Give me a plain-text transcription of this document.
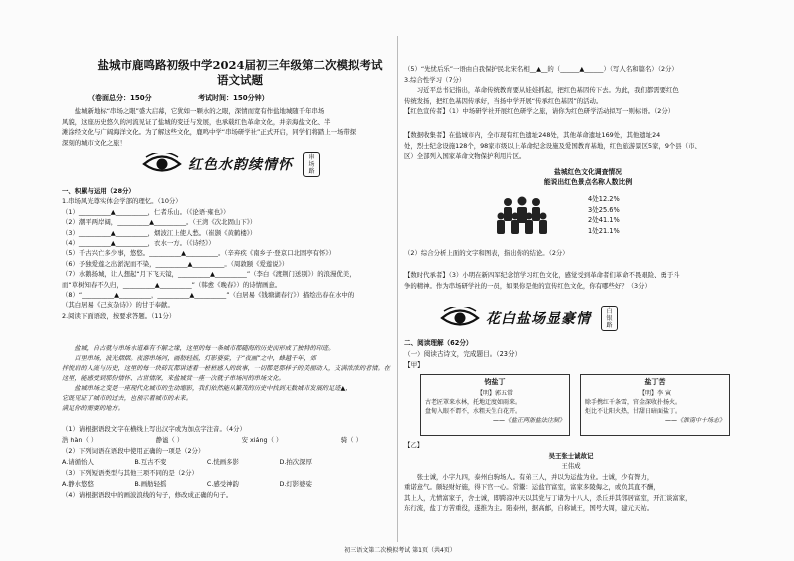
盐城市鹿鸣路初级中学2024届初三年级第二次模拟考试
语文试题
（卷面总分：150分	考试时间：150分钟）

盐城新地标“串场之眼”盛大启幕，它犹如一颗水的之眼，深情而宽有作盐地城随千年串场

风貌，这座历史悠久的河流见证了盐城的变迁与发展，也承载红色革命文化，并亲海盐文化、半

滩涂经文化与广阔海洋文化。为了解这些文化，鹿鸣中学“串场研学社”正式开启，同学们将踏上一场带探

深刻的城市文化之旅！

红色水韵续情怀	串场路

一、积累与运用（28分）

1.串场风光尊实体会学部的理忆。（10分）

（1）__________▲__________，仁者乐山。（《论语·雍也》）

（2）潮平两岸阔，__________▲__________。（王湾《次北固山下》）

（3）__________▲__________，烟波江上使人愁。（崔颢《黄鹤楼》）

（4）__________▲__________，衣水一方。（《诗经》）

（5）千古兴亡多少事，悠悠。__________▲__________。（辛弃疾《南乡子·登京口北固亭有怀》）

（6）予独爱莲之出淤泥而不染，__________▲__________。（周敦颐《爱莲说》）

（7）水鹅扬城，让人想起“月下飞天镜，__________▲__________”（李白《渡荆门送别》）的浪漫优美，

而“草树知春不久归，__________▲__________”（韩愈《晚春》）的诗情画意。

（8）“__________▲__________，__________▲__________”（白居易《钱塘湖春行》）描绘出春在水中的

（其白居易《己亥杂诗》）的甘于奉献。

2.阅读下面语段，按要求答题。（11分）

盐城，自古就与串场水道难有不解之缘，这里的每一条城市都随海的历史而形成了独特的印迹。

百里串场，波光熠熠。夜游串场河，画舫轻摇，灯影婆娑，于“夜画”之中，蜂越千年，郊

拌悦肩的人流与历史，这里的每一块砖瓦都讲述着一桩桩感人的故事，一切都是那样子的美丽动人，支满浓浓的者情。在

这里，能感受到那份情怀、古世情深，来盐城赏一座一次就子串场河的串场文化。

盐城串场之变是一座现代化城市的生动缩影，我们依然能从繁茂的历史中找到无数城市发展的足迹▲，

它既见证了城市的过去，也预示着城市的未来。

满足你的需要的地方。

（1）请根据语段文字在横线上写出汉字或为加点字注音。（4分）

浩 hàn（ ）	静谧（ ）	安 xiáng（ ）	骑（ ）

（2）下列词语在语段中使用正确的一项是（2分）

A.请循怡人	B.互古不变	C.恍画多影	D.拍次深厚

（3）下列短语类型与其他三项不同的是（2分）

A.静水悠悠	B.画舫轻摇	C.感受神韵	D.灯影婆娑

（4）请根据语段中的画波浪线的句子，修改成正确的句子。

（5）“先忧后乐”一语由自我保护民北宋名相__▲__的（______▲______）（写人名和篇名）（2分）

3.综合性学习（7分）

习近平总书记指出，革命传统教育要从娃娃抓起，把红色基因传下去。为此，我们都需要红色

传统发扬，把红色基因传承好，当扬中学开展“传承红色基因”的活动。

【红色宣传者】（1）中场研学社开展红色研学之旅，请你为红色研学活动拟写一则标语。（2分）

【数据收集者】在盐城市内，全市现有红色遗址248处，其他革命遗址169处，其他遗址24

处，烈士纪念设施128个，98家市级以上革命纪念设施及爱国教育基地，红色旅游景区5家，9个县（市、

区）全部列入国家革命文物保护利用片区。

盐城红色文化调查情况
能说出红色景点名称人数比例
4处12.2%
3处25.6%
2处41.1%
1处21.1%

（2）综合分析上面的文字和图表，指出你的结论。（2分）

【数时代承者】（3）小明在新四军纪念馆学习红色文化，感觉受到革命者们革命不畏艰险、勇于斗

争的精神。作为串场研学社的一员，如果你是他的宣传红色文化，你有哪些好？（3分）

花白盐场显豪情	白银路

二、阅读理解（62分）

（一）阅读古诗文，完成题目。（23分）

【甲】

钧盐丁
【明】郭五常
古老匠罩来水林，托地迂度如雨来。
盘甸入眼不谓不，水粗天生白花开。
——《盐正两浙盐法注制》
盐丁苦
【明】李 寅
賖手携红千条雪，官金深收扑扬火。
炬比不让阳火热，甘甜日暗面盐丁。
——《淮南中十场志》

【乙】

吴王张士诚故记

王伟成

张士诚，小字九四，泰州白驹场人。有弟三人，并以为运盐为业。士诚，少有膂力，

重诺意气。颇轻财好施，得下官一心。常鬻：运盐官富室，富家多陵侮之，或负其直不酬，

其上人，尤愤富家子，舍士诚，即跨凉冲天以其党与丁诸为十八人，杀丘并其邻居富室，开汇谈富家，

东行流，盐丁方苦重役，遂推为主。陷泰州，据高邮，自称诚王，国号大周，建元天祐。

初三语文第二次模拟考试 第1页（共4页）
